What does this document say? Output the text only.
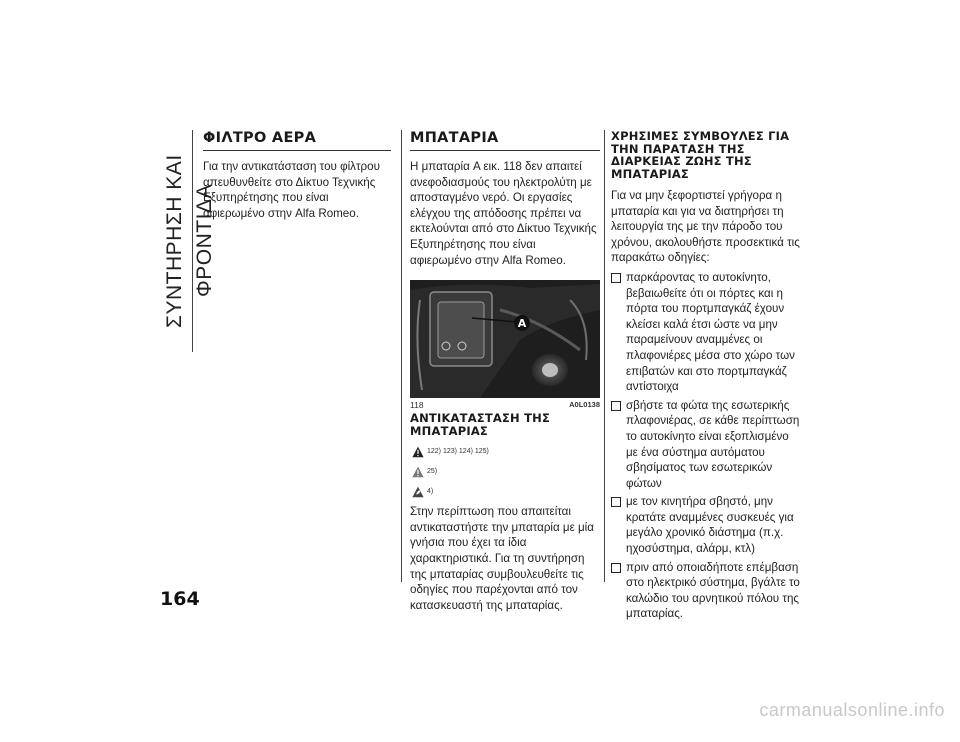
ΣΥΝΤΗΡΗΣΗ ΚΑΙ ΦΡΟΝΤΙΔΑ
164
ΦΙΛΤΡΟ ΑΕΡΑ

Για την αντικατάσταση του φίλτρου απευθυνθείτε στο Δίκτυο Τεχνικής Εξυπηρέτησης που είναι αφιερωμένο στην Alfa Romeo.

ΜΠΑΤΑΡΙΑ

Η μπαταρία A εικ. 118 δεν απαιτεί ανεφοδιασμούς του ηλεκτρολύτη με αποσταγμένο νερό. Οι εργασίες ελέγχου της απόδοσης πρέπει να εκτελούνται από στο Δίκτυο Τεχνικής Εξυπηρέτησης που είναι αφιερωμένο στην Alfa Romeo.

A
118	A0L0138
ΑΝΤΙΚΑΤΑΣΤΑΣΗ ΤΗΣ ΜΠΑΤΑΡΙΑΣ
122) 123) 124) 125)
25)
4)

Στην περίπτωση που απαιτείται αντικαταστήστε την μπαταρία με μία γνήσια που έχει τα ίδια χαρακτηριστικά. Για τη συντήρηση της μπαταρίας συμβουλευθείτε τις οδηγίες που παρέχονται από τον κατασκευαστή της μπαταρίας.

ΧΡΗΣΙΜΕΣ ΣΥΜΒΟΥΛΕΣ ΓΙΑ ΤΗΝ ΠΑΡΑΤΑΣΗ ΤΗΣ ΔΙΑΡΚΕΙΑΣ ΖΩΗΣ ΤΗΣ ΜΠΑΤΑΡΙΑΣ

Για να μην ξεφορτιστεί γρήγορα η μπαταρία και για να διατηρήσει τη λειτουργία της με την πάροδο του χρόνου, ακολουθήστε προσεκτικά τις παρακάτω οδηγίες:

παρκάροντας το αυτοκίνητο, βεβαιωθείτε ότι οι πόρτες και η πόρτα του πορτμπαγκάζ έχουν κλείσει καλά έτσι ώστε να μην παραμείνουν αναμμένες οι πλαφονιέρες μέσα στο χώρο των επιβατών και στο πορτμπαγκάζ αντίστοιχα
σβήστε τα φώτα της εσωτερικής πλαφονιέρας, σε κάθε περίπτωση το αυτοκίνητο είναι εξοπλισμένο με ένα σύστημα αυτόματου σβησίματος των εσωτερικών φώτων
με τον κινητήρα σβηστό, μην κρατάτε αναμμένες συσκευές για μεγάλο χρονικό διάστημα (π.χ. ηχοσύστημα, αλάρμ, κτλ)
πριν από οποιαδήποτε επέμβαση στο ηλεκτρικό σύστημα, βγάλτε το καλώδιο του αρνητικού πόλου της μπαταρίας.
carmanualsonline.info
